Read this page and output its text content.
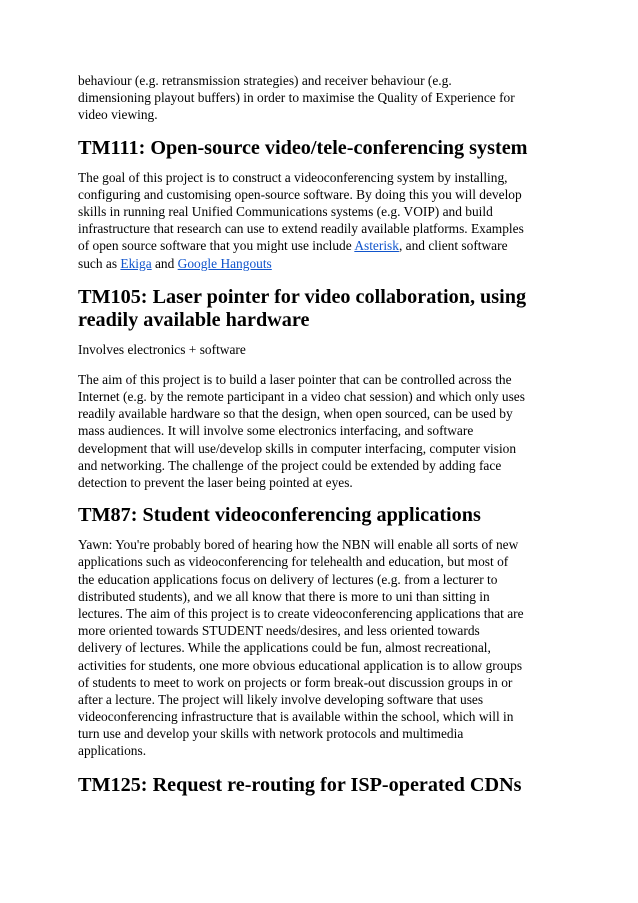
behaviour (e.g. retransmission strategies) and receiver behaviour (e.g.
dimensioning playout buffers) in order to maximise the Quality of Experience for
video viewing.

TM111: Open-source video/tele-conferencing system

The goal of this project is to construct a videoconferencing system by installing,
configuring and customising open-source software. By doing this you will develop
skills in running real Unified Communications systems (e.g. VOIP) and build
infrastructure that research can use to extend readily available platforms. Examples
of open source software that you might use include Asterisk, and client software
such as Ekiga and Google Hangouts

TM105: Laser pointer for video collaboration, using
readily available hardware

Involves electronics + software

The aim of this project is to build a laser pointer that can be controlled across the
Internet (e.g. by the remote participant in a video chat session) and which only uses
readily available hardware so that the design, when open sourced, can be used by
mass audiences. It will involve some electronics interfacing, and software
development that will use/develop skills in computer interfacing, computer vision
and networking. The challenge of the project could be extended by adding face
detection to prevent the laser being pointed at eyes.

TM87: Student videoconferencing applications

Yawn: You're probably bored of hearing how the NBN will enable all sorts of new
applications such as videoconferencing for telehealth and education, but most of
the education applications focus on delivery of lectures (e.g. from a lecturer to
distributed students), and we all know that there is more to uni than sitting in
lectures. The aim of this project is to create videoconferencing applications that are
more oriented towards STUDENT needs/desires, and less oriented towards
delivery of lectures. While the applications could be fun, almost recreational,
activities for students, one more obvious educational application is to allow groups
of students to meet to work on projects or form break-out discussion groups in or
after a lecture. The project will likely involve developing software that uses
videoconferencing infrastructure that is available within the school, which will in
turn use and develop your skills with network protocols and multimedia
applications.

TM125: Request re-routing for ISP-operated CDNs
